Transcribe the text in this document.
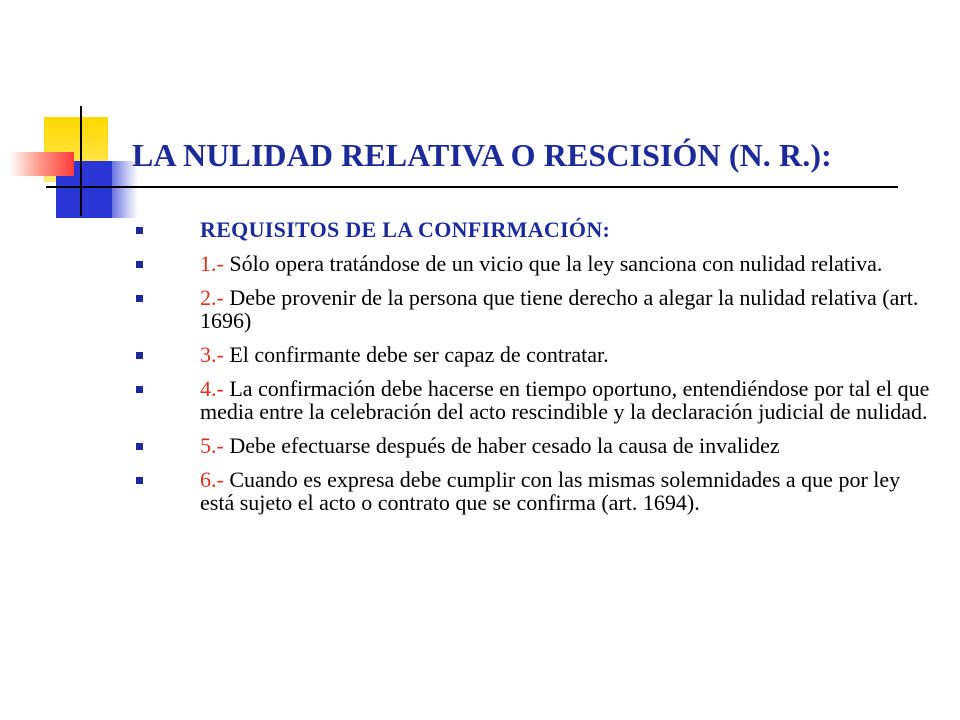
LA NULIDAD RELATIVA O RESCISIÓN (N. R.):
REQUISITOS DE LA CONFIRMACIÓN:
1.- Sólo opera tratándose de un vicio que la ley sanciona con nulidad relativa.
2.- Debe provenir de la persona que tiene derecho a alegar la nulidad relativa (art. 1696)
3.- El confirmante debe ser capaz de contratar.
4.- La confirmación debe hacerse en tiempo oportuno, entendiéndose por tal el que media entre la celebración del acto rescindible y la declaración judicial de nulidad.
5.- Debe efectuarse después de haber cesado la causa de invalidez
6.- Cuando es expresa debe cumplir con las mismas solemnidades a que por ley está sujeto el acto o contrato que se confirma (art. 1694).
